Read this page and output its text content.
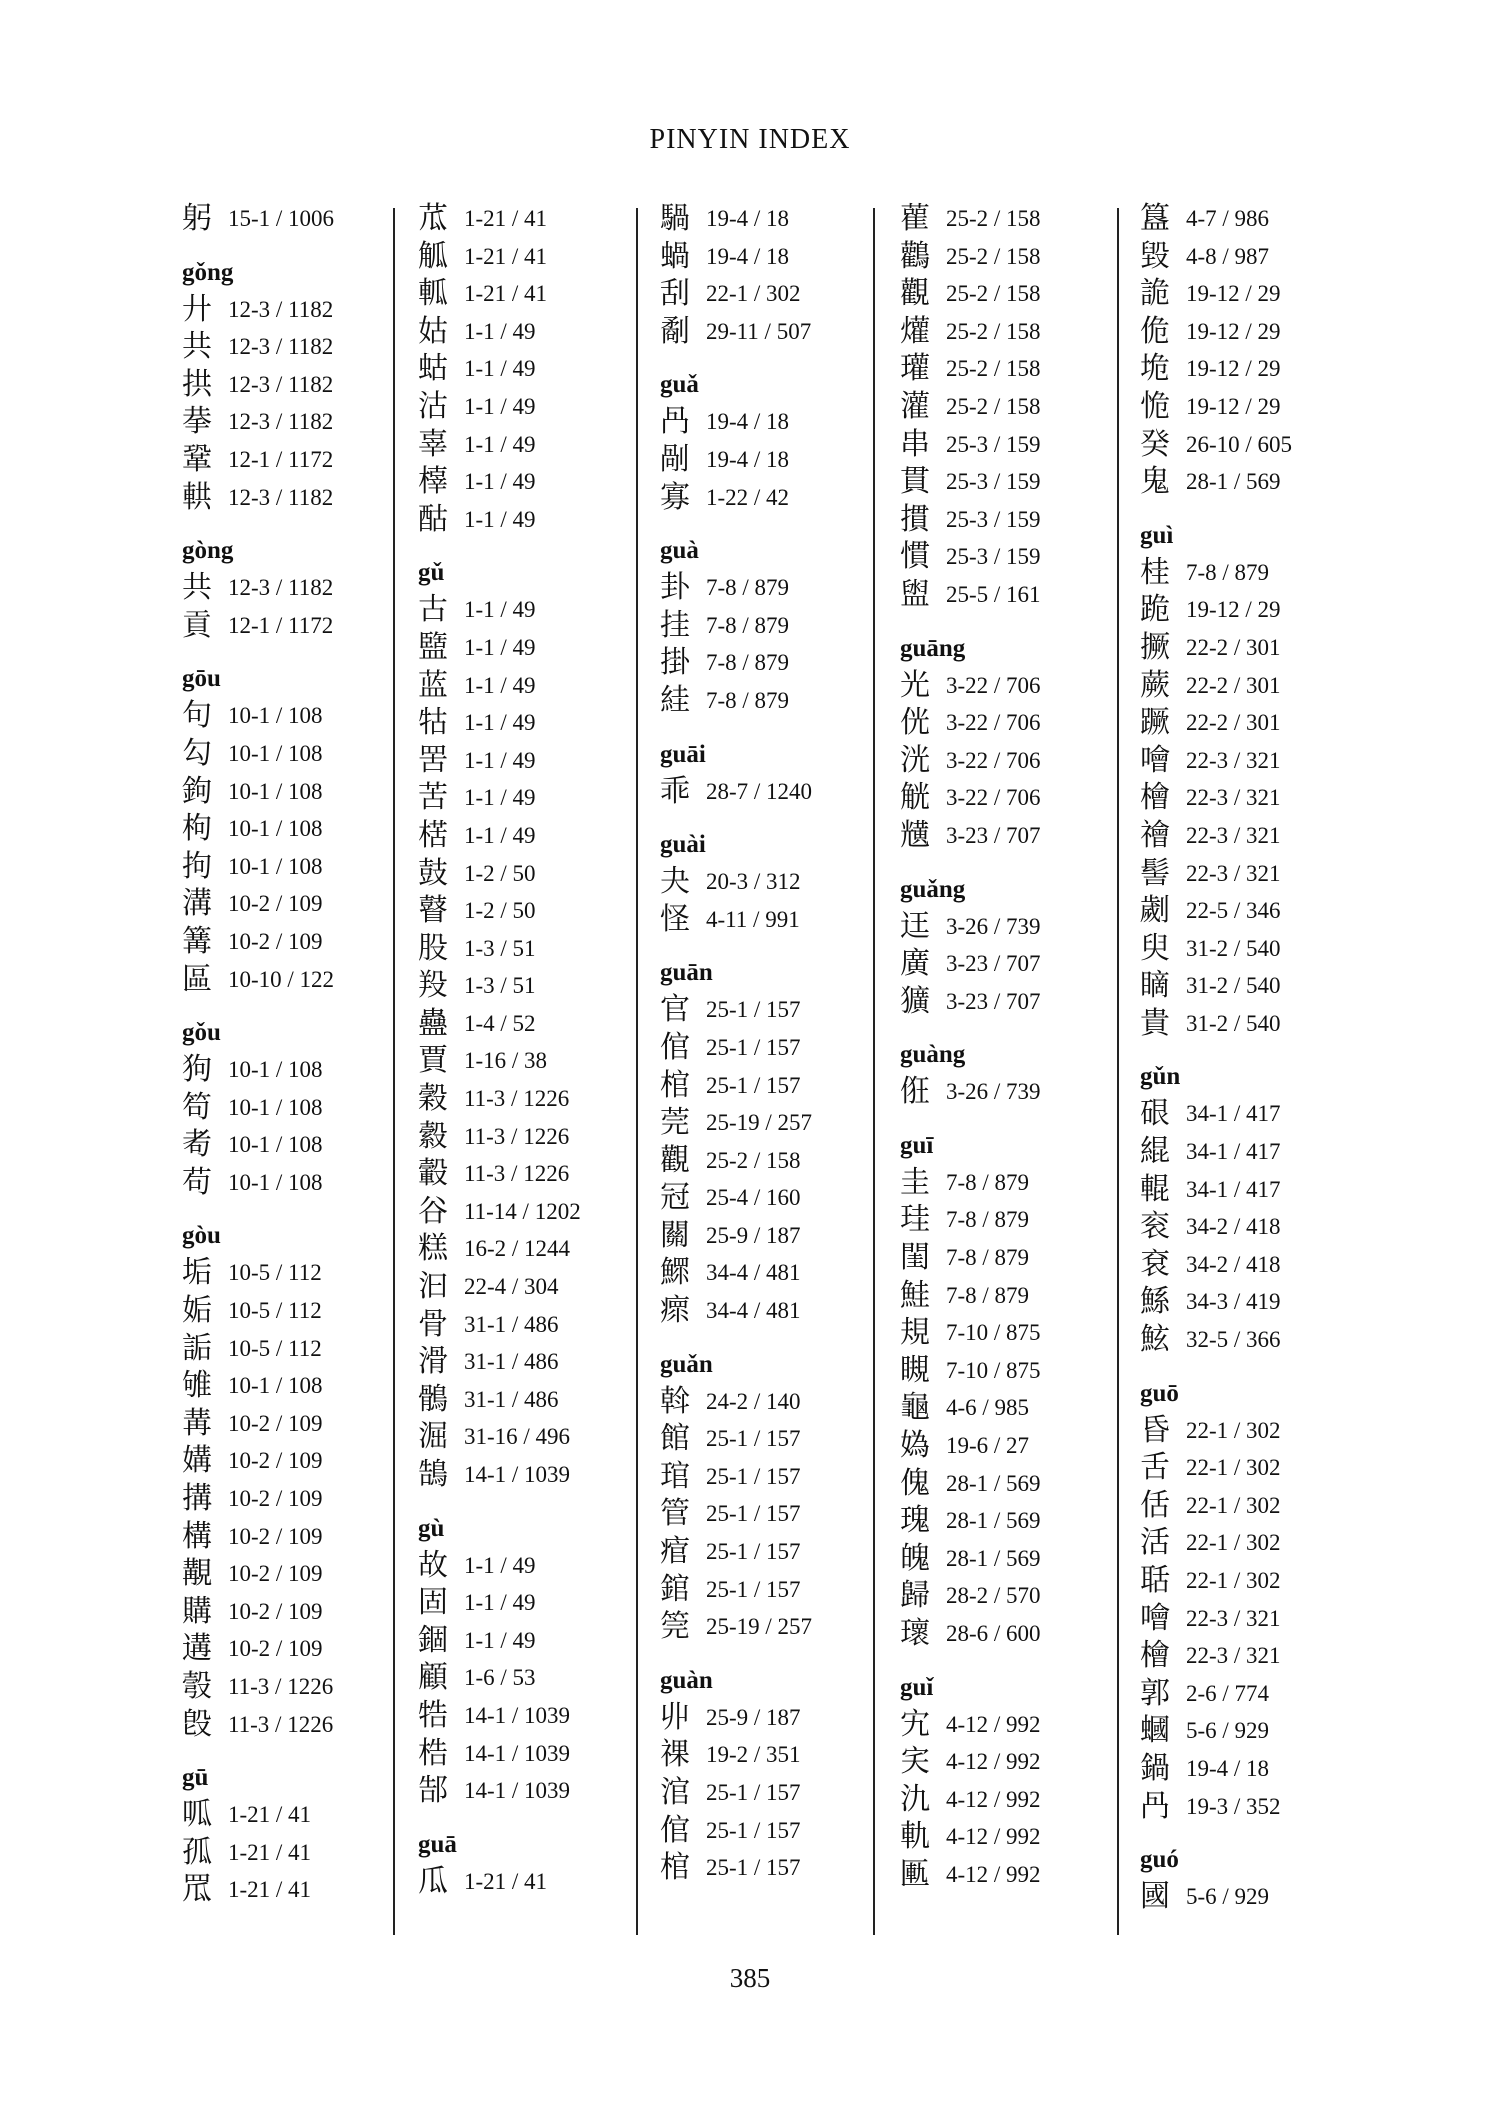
PINYIN INDEX
躬 15-1 / 1006
gǒng
廾 12-3 / 1182
共 12-3 / 1182
拱 12-3 / 1182
拲 12-3 / 1182
鞏 12-1 / 1172
輁 12-3 / 1182
gòng
共 12-3 / 1182
貢 12-1 / 1172
gōu
句 10-1 / 108
勾 10-1 / 108
鉤 10-1 / 108
枸 10-1 / 108
拘 10-1 / 108
溝 10-2 / 109
篝 10-2 / 109
區 10-10 / 122
gǒu
狗 10-1 / 108
笱 10-1 / 108
耇 10-1 / 108
苟 10-1 / 108
gòu
垢 10-5 / 112
姤 10-5 / 112
詬 10-5 / 112
雊 10-1 / 108
冓 10-2 / 109
媾 10-2 / 109
搆 10-2 / 109
構 10-2 / 109
覯 10-2 / 109
購 10-2 / 109
遘 10-2 / 109
彀 11-3 / 1226
𣪘 11-3 / 1226
gū
呱 1-21 / 41
孤 1-21 / 41
罛 1-21 / 41
苽 1-21 / 41
觚 1-21 / 41
軱 1-21 / 41
姑 1-1 / 49
蛄 1-1 / 49
沽 1-1 / 49
辜 1-1 / 49
橭 1-1 / 49
酤 1-1 / 49
gǔ
古 1-1 / 49
盬 1-1 / 49
蓝 1-1 / 49
牯 1-1 / 49
罟 1-1 / 49
苦 1-1 / 49
楛 1-1 / 49
鼓 1-2 / 50
瞽 1-2 / 50
股 1-3 / 51
羖 1-3 / 51
蠱 1-4 / 52
賈 1-16 / 38
穀 11-3 / 1226
縠 11-3 / 1226
轂 11-3 / 1226
谷 11-14 / 1202
糕 16-2 / 1244
汩 22-4 / 304
骨 31-1 / 486
滑 31-1 / 486
鶻 31-1 / 486
淈 31-16 / 496
鵠 14-1 / 1039
gù
故 1-1 / 49
固 1-1 / 49
錮 1-1 / 49
顧 1-6 / 53
牿 14-1 / 1039
梏 14-1 / 1039
郜 14-1 / 1039
guā
瓜 1-21 / 41
騧 19-4 / 18
蝸 19-4 / 18
刮 22-1 / 302
劀 29-11 / 507
guǎ
冎 19-4 / 18
剮 19-4 / 18
寡 1-22 / 42
guà
卦 7-8 / 879
挂 7-8 / 879
掛 7-8 / 879
絓 7-8 / 879
guāi
乖 28-7 / 1240
guài
夬 20-3 / 312
怪 4-11 / 991
guān
官 25-1 / 157
倌 25-1 / 157
棺 25-1 / 157
莞 25-19 / 257
觀 25-2 / 158
冠 25-4 / 160
關 25-9 / 187
鰥 34-4 / 481
瘝 34-4 / 481
guǎn
斡 24-2 / 140
館 25-1 / 157
琯 25-1 / 157
管 25-1 / 157
痯 25-1 / 157
錧 25-1 / 157
筦 25-19 / 257
guàn
丱 25-9 / 187
祼 19-2 / 351
涫 25-1 / 157
倌 25-1 / 157
棺 25-1 / 157
雚 25-2 / 158
鸛 25-2 / 158
觀 25-2 / 158
爟 25-2 / 158
瓘 25-2 / 158
灌 25-2 / 158
串 25-3 / 159
貫 25-3 / 159
摜 25-3 / 159
慣 25-3 / 159
盥 25-5 / 161
guāng
光 3-22 / 706
侊 3-22 / 706
洸 3-22 / 706
觥 3-22 / 706
黋 3-23 / 707
guǎng
迋 3-26 / 739
廣 3-23 / 707
獷 3-23 / 707
guàng
俇 3-26 / 739
guī
圭 7-8 / 879
珪 7-8 / 879
閨 7-8 / 879
鮭 7-8 / 879
規 7-10 / 875
瞡 7-10 / 875
龜 4-6 / 985
媯 19-6 / 27
傀 28-1 / 569
瑰 28-1 / 569
魄 28-1 / 569
歸 28-2 / 570
瓌 28-6 / 600
guǐ
宄 4-12 / 992
宎 4-12 / 992
氿 4-12 / 992
軌 4-12 / 992
匭 4-12 / 992
簋 4-7 / 986
毀 4-8 / 987
詭 19-12 / 29
佹 19-12 / 29
垝 19-12 / 29
恑 19-12 / 29
癸 26-10 / 605
鬼 28-1 / 569
guì
桂 7-8 / 879
跪 19-12 / 29
撅 22-2 / 301
蕨 22-2 / 301
蹶 22-2 / 301
噲 22-3 / 321
檜 22-3 / 321
禬 22-3 / 321
髻 22-3 / 321
劌 22-5 / 346
臾 31-2 / 540
䁤 31-2 / 540
貴 31-2 / 540
gǔn
硍 34-1 / 417
緄 34-1 / 417
輥 34-1 / 417
衮 34-2 / 418
袞 34-2 / 418
鯀 34-3 / 419
鮌 32-5 / 366
guō
昏 22-1 / 302
舌 22-1 / 302
佸 22-1 / 302
活 22-1 / 302
聒 22-1 / 302
噲 22-3 / 321
檜 22-3 / 321
郭 2-6 / 774
蟈 5-6 / 929
鍋 19-4 / 18
冎 19-3 / 352
guó
國 5-6 / 929
385
